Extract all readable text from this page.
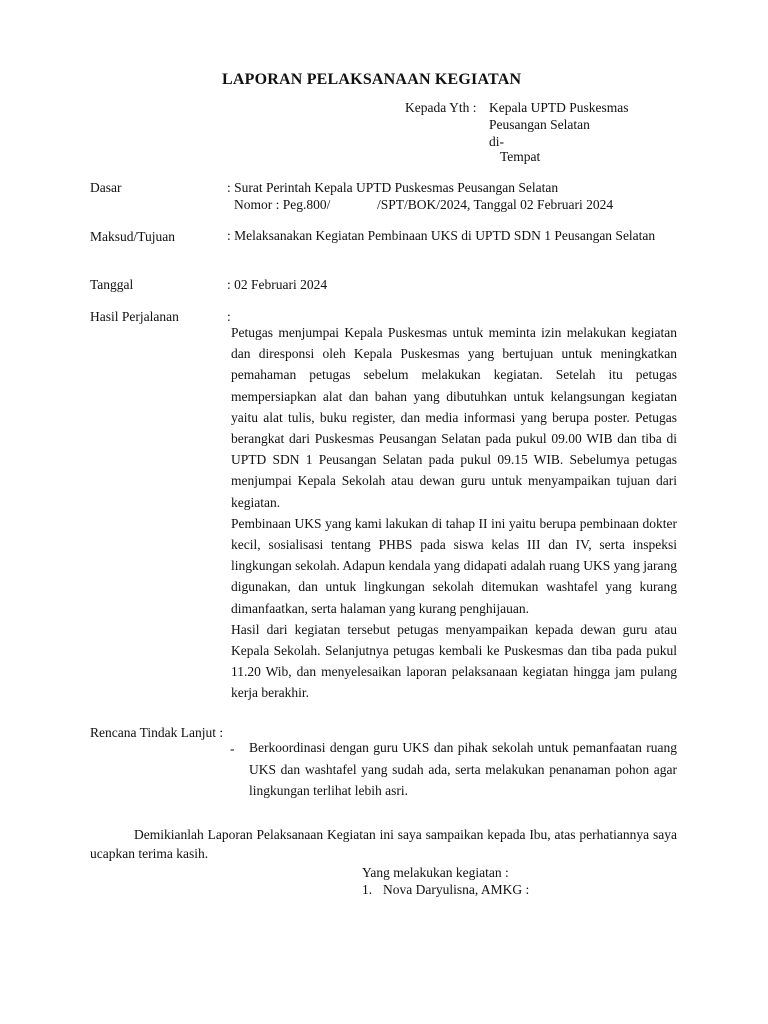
LAPORAN PELAKSANAAN KEGIATAN
Kepada Yth : Kepala UPTD Puskesmas
Peusangan Selatan
di-
Tempat
Dasar	: Surat Perintah Kepala UPTD Puskesmas Peusangan Selatan
Nomor : Peg.800/	/SPT/BOK/2024, Tanggal 02 Februari 2024
Maksud/Tujuan	: Melaksanakan Kegiatan Pembinaan UKS di UPTD SDN 1 Peusangan Selatan
Tanggal	: 02 Februari 2024
Hasil Perjalanan	:

Petugas menjumpai Kepala Puskesmas untuk meminta izin melakukan kegiatan dan diresponsi oleh Kepala Puskesmas yang bertujuan untuk meningkatkan pemahaman petugas sebelum melakukan kegiatan. Setelah itu petugas mempersiapkan alat dan bahan yang dibutuhkan untuk kelangsungan kegiatan yaitu alat tulis, buku register, dan media informasi yang berupa poster. Petugas berangkat dari Puskesmas Peusangan Selatan pada pukul 09.00 WIB dan tiba di UPTD SDN 1 Peusangan Selatan pada pukul 09.15 WIB. Sebelumya petugas menjumpai Kepala Sekolah atau dewan guru untuk menyampaikan tujuan dari kegiatan.

Pembinaan UKS yang kami lakukan di tahap II ini yaitu berupa pembinaan dokter kecil, sosialisasi tentang PHBS pada siswa kelas III dan IV, serta inspeksi lingkungan sekolah. Adapun kendala yang didapati adalah ruang UKS yang jarang digunakan, dan untuk lingkungan sekolah ditemukan washtafel yang kurang dimanfaatkan, serta halaman yang kurang penghijauan.

Hasil dari kegiatan tersebut petugas menyampaikan kepada dewan guru atau Kepala Sekolah. Selanjutnya petugas kembali ke Puskesmas dan tiba pada pukul 11.20 Wib, dan menyelesaikan laporan pelaksanaan kegiatan hingga jam pulang kerja berakhir.

Rencana Tindak Lanjut :
- Berkoordinasi dengan guru UKS dan pihak sekolah untuk pemanfaatan ruang UKS dan washtafel yang sudah ada, serta melakukan penanaman pohon agar lingkungan terlihat lebih asri.
Demikianlah Laporan Pelaksanaan Kegiatan ini saya sampaikan kepada Ibu, atas perhatiannya saya ucapkan terima kasih.
Yang melakukan kegiatan :
1. Nova Daryulisna, AMKG :
